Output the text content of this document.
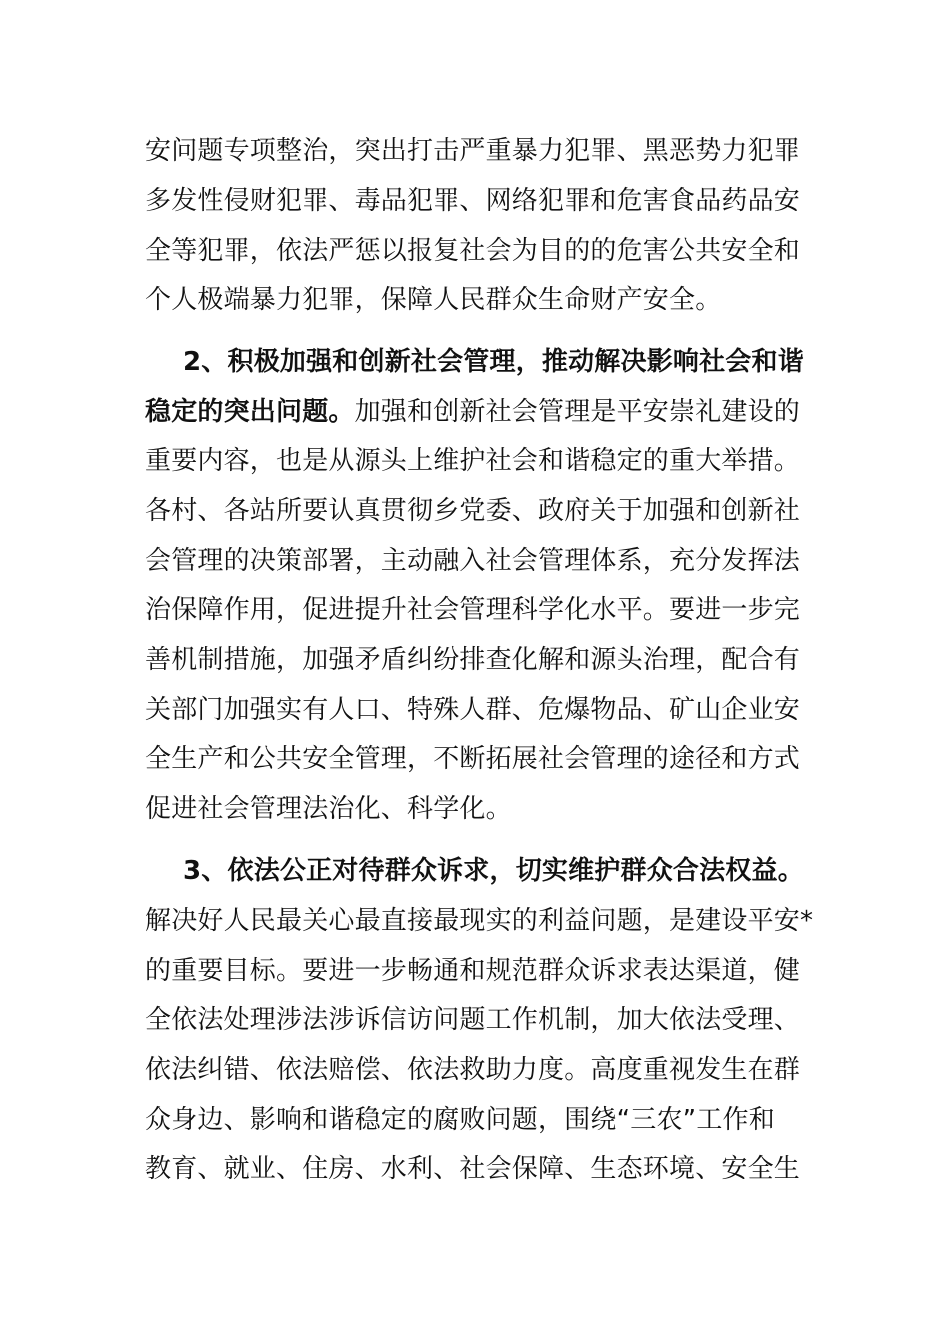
安问题专项整治，突出打击严重暴力犯罪、黑恶势力犯罪
多发性侵财犯罪、毒品犯罪、网络犯罪和危害食品药品安
全等犯罪，依法严惩以报复社会为目的的危害公共安全和
个人极端暴力犯罪，保障人民群众生命财产安全。
2、积极加强和创新社会管理，推动解决影响社会和谐
稳定的突出问题。加强和创新社会管理是平安崇礼建设的
重要内容，也是从源头上维护社会和谐稳定的重大举措。
各村、各站所要认真贯彻乡党委、政府关于加强和创新社
会管理的决策部署，主动融入社会管理体系，充分发挥法
治保障作用，促进提升社会管理科学化水平。要进一步完
善机制措施，加强矛盾纠纷排查化解和源头治理，配合有
关部门加强实有人口、特殊人群、危爆物品、矿山企业安
全生产和公共安全管理，不断拓展社会管理的途径和方式
促进社会管理法治化、科学化。
3、依法公正对待群众诉求，切实维护群众合法权益。
解决好人民最关心最直接最现实的利益问题，是建设平安*
的重要目标。要进一步畅通和规范群众诉求表达渠道，健
全依法处理涉法涉诉信访问题工作机制，加大依法受理、
依法纠错、依法赔偿、依法救助力度。高度重视发生在群
众身边、影响和谐稳定的腐败问题，围绕“三农”工作和
教育、就业、住房、水利、社会保障、生态环境、安全生
